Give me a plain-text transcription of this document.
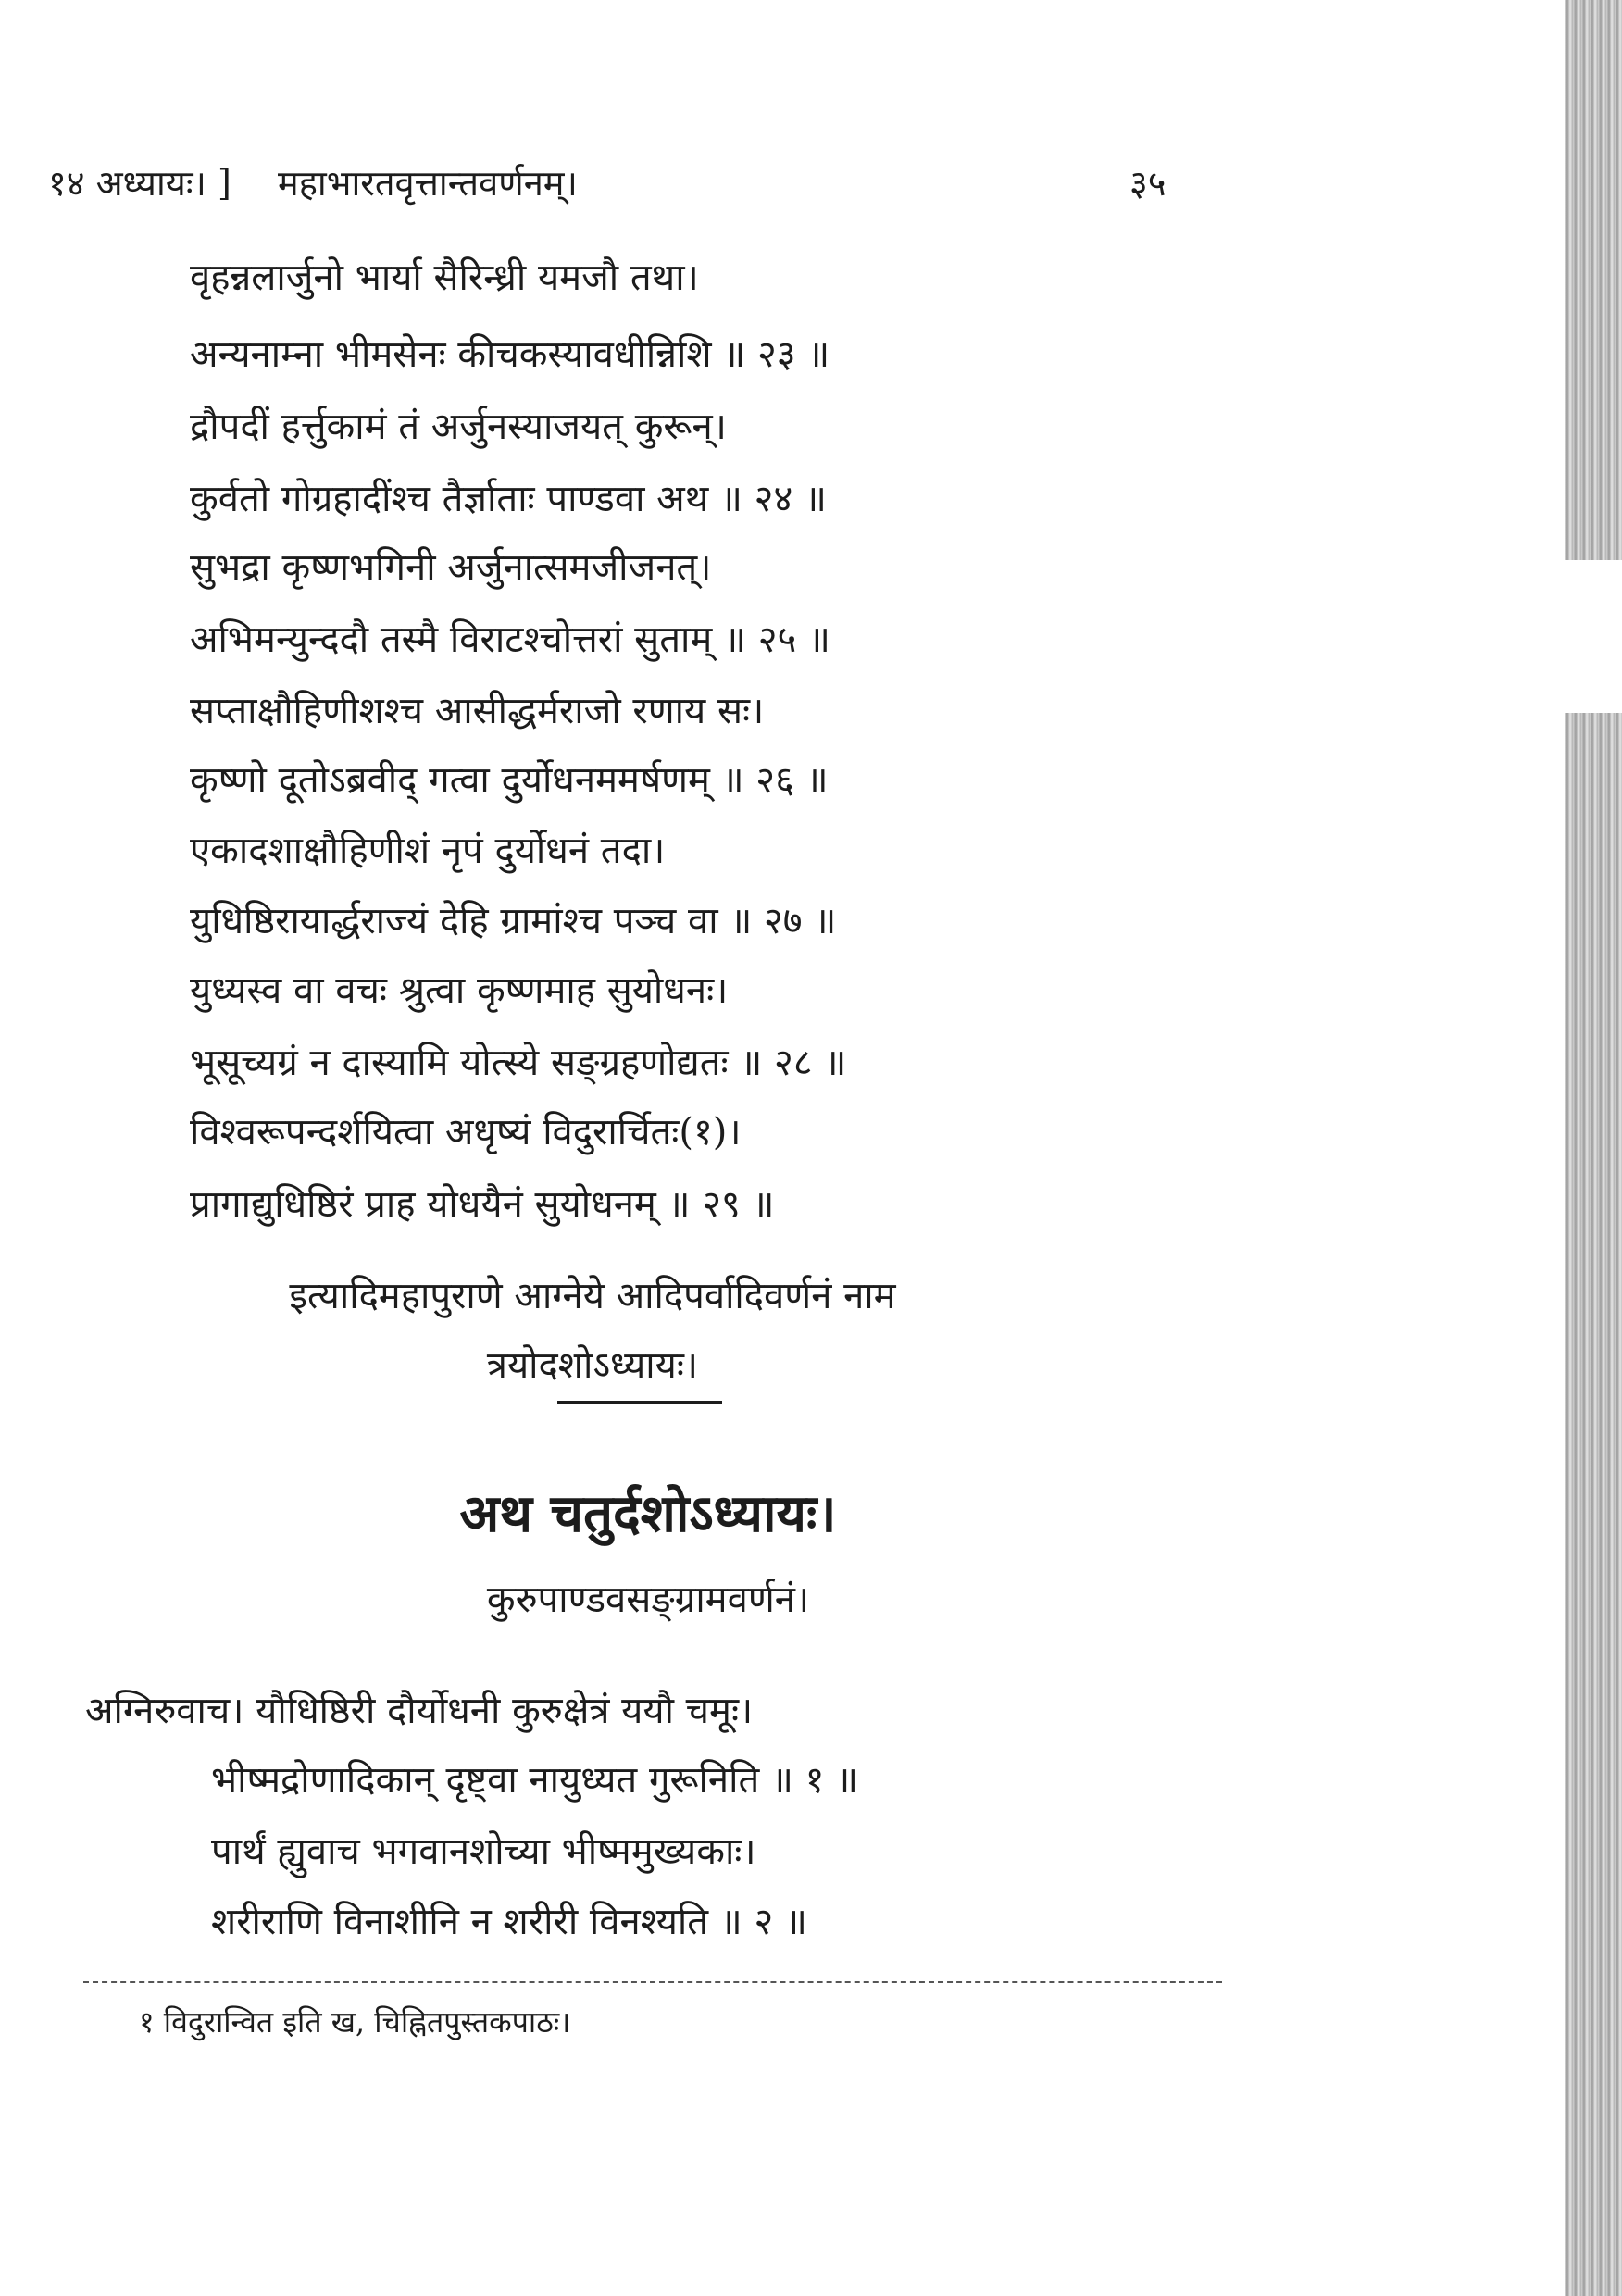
१४ अध्यायः। ] महाभारतवृत्तान्तवर्णनम्।	३५
वृहन्नलार्जुनो भार्या सैरिन्ध्री यमजौ तथा।
अन्यनाम्ना भीमसेनः कीचकस्यावधीन्निशि ॥ २३ ॥
द्रौपदीं हर्त्तुकामं तं अर्जुनस्याजयत् कुरून्।
कुर्वतो गोग्रहादींश्च तैर्ज्ञाताः पाण्डवा अथ ॥ २४ ॥
सुभद्रा कृष्णभगिनी अर्जुनात्समजीजनत्।
अभिमन्युन्ददौ तस्मै विराटश्चोत्तरां सुताम् ॥ २५ ॥
सप्ताक्षौहिणीशश्च आसीद्धर्मराजो रणाय सः।
कृष्णो दूतोऽब्रवीद् गत्वा दुर्योधनममर्षणम् ॥ २६ ॥
एकादशाक्षौहिणीशं नृपं दुर्योधनं तदा।
युधिष्ठिरायार्द्धराज्यं देहि ग्रामांश्च पञ्च वा ॥ २७ ॥
युध्यस्व वा वचः श्रुत्वा कृष्णमाह सुयोधनः।
भूसूच्यग्रं न दास्यामि योत्स्ये सङ्ग्रहणोद्यतः ॥ २८ ॥
विश्वरूपन्दर्शयित्वा अधृष्यं विदुरार्चितः(१)।
प्रागाद्युधिष्ठिरं प्राह योधयैनं सुयोधनम् ॥ २९ ॥
इत्यादिमहापुराणे आग्नेये आदिपर्वादिवर्णनं नाम
त्रयोदशोऽध्यायः।
अथ चतुर्दशोऽध्यायः।
कुरुपाण्डवसङ्ग्रामवर्णनं।
अग्निरुवाच। यौधिष्ठिरी दौर्योधनी कुरुक्षेत्रं ययौ चमूः।
भीष्मद्रोणादिकान् दृष्ट्वा नायुध्यत गुरूनिति ॥ १ ॥
पार्थं ह्युवाच भगवानशोच्या भीष्ममुख्यकाः।
शरीराणि विनाशीनि न शरीरी विनश्यति ॥ २ ॥
१ विदुरान्वित इति ख, चिह्नितपुस्तकपाठः।
